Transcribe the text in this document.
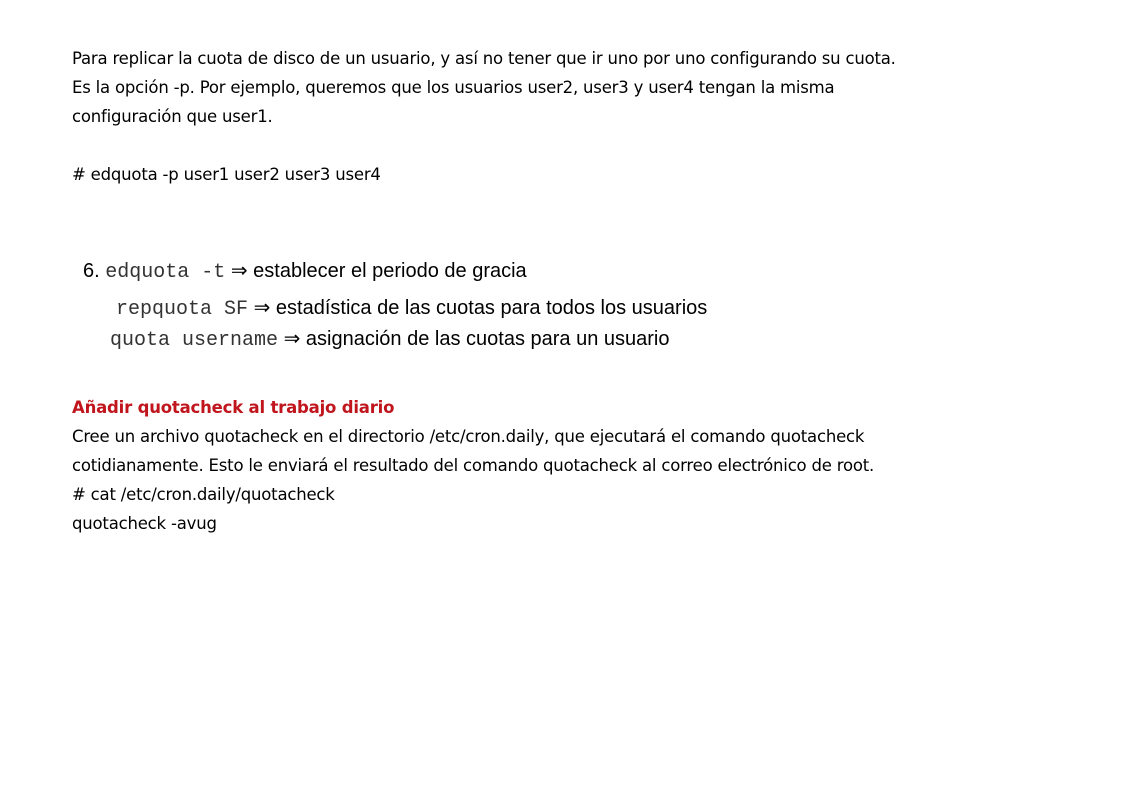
Para replicar la cuota de disco de un usuario, y así no tener que ir uno por uno configurando su cuota.
Es la opción -p. Por ejemplo, queremos que los usuarios user2, user3 y user4 tengan la misma
configuración que user1.
# edquota -p user1 user2 user3 user4
6. edquota -t ⇒ establecer el periodo de gracia
repquota SF ⇒ estadística de las cuotas para todos los usuarios
quota username ⇒ asignación de las cuotas para un usuario
Añadir quotacheck al trabajo diario
Cree un archivo quotacheck en el directorio /etc/cron.daily, que ejecutará el comando quotacheck
cotidianamente. Esto le enviará el resultado del comando quotacheck al correo electrónico de root.
# cat /etc/cron.daily/quotacheck
quotacheck -avug
